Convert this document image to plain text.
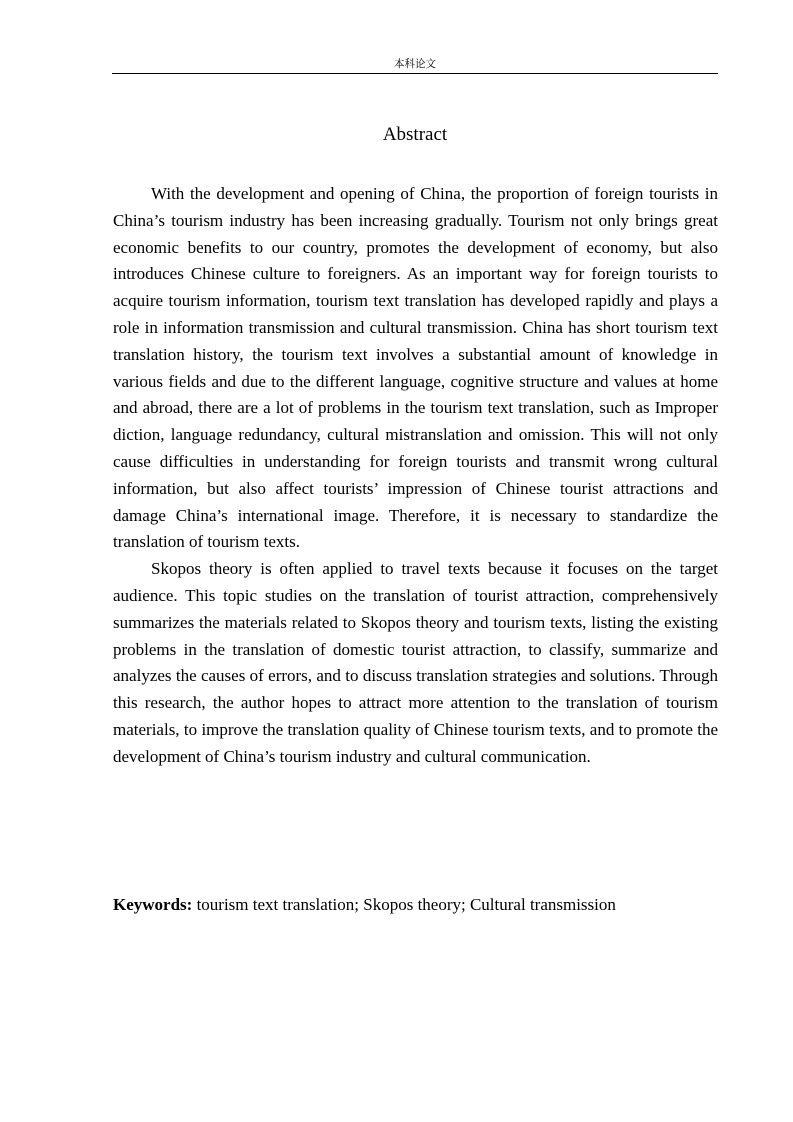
本科论文
Abstract

With the development and opening of China, the proportion of foreign tourists in China’s tourism industry has been increasing gradually. Tourism not only brings great economic benefits to our country, promotes the development of economy, but also introduces Chinese culture to foreigners. As an important way for foreign tourists to acquire tourism information, tourism text translation has developed rapidly and plays a role in information transmission and cultural transmission. China has short tourism text translation history, the tourism text involves a substantial amount of knowledge in various fields and due to the different language, cognitive structure and values at home and abroad, there are a lot of problems in the tourism text translation, such as Improper diction, language redundancy, cultural mistranslation and omission. This will not only cause difficulties in understanding for foreign tourists and transmit wrong cultural information, but also affect tourists’ impression of Chinese tourist attractions and damage China’s international image. Therefore, it is necessary to standardize the translation of tourism texts.

Skopos theory is often applied to travel texts because it focuses on the target audience. This topic studies on the translation of tourist attraction, comprehensively summarizes the materials related to Skopos theory and tourism texts, listing the existing problems in the translation of domestic tourist attraction, to classify, summarize and analyzes the causes of errors, and to discuss translation strategies and solutions. Through this research, the author hopes to attract more attention to the translation of tourism materials, to improve the translation quality of Chinese tourism texts, and to promote the development of China’s tourism industry and cultural communication.

Keywords: tourism text translation; Skopos theory; Cultural transmission
